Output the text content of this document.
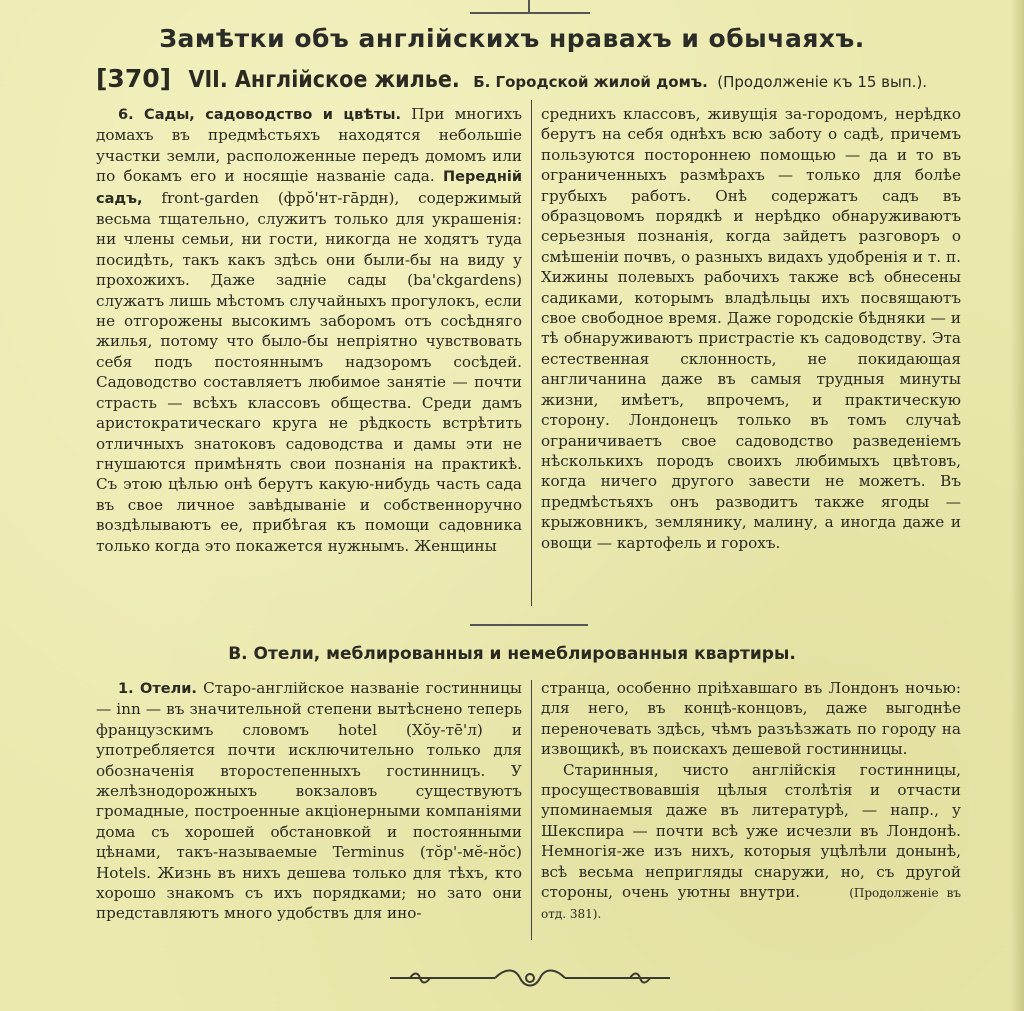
Замѣтки объ англійскихъ нравахъ и обычаяхъ.
[370] VII. Англійское жилье. Б. Городской жилой домъ. (Продолженіе къ 15 вып.).

6. Сады, садоводство и цвѣты. При многихъ домахъ въ предмѣстьяхъ находятся небольшіе участки земли, расположенные передъ домомъ или по бокамъ его и носящіе названіе сада. Передній садъ, front-garden (фрŏ'нт-гāрдн), содержимый весьма тщательно, служитъ только для украшенія: ни члены семьи, ни гости, никогда не ходятъ туда посидѣть, такъ какъ здѣсь они были-бы на виду у прохожихъ. Даже задніе сады (ba'ckgardens) служатъ лишь мѣстомъ случайныхъ прогулокъ, если не отгорожены высокимъ заборомъ отъ сосѣдняго жилья, потому что было-бы непріятно чувствовать себя подъ постояннымъ надзоромъ сосѣдей. Садоводство составляетъ любимое занятіе — почти страсть — всѣхъ классовъ общества. Среди дамъ аристократическаго круга не рѣдкость встрѣтить отличныхъ знатоковъ садоводства и дамы эти не гнушаются примѣнять свои познанія на практикѣ. Съ этою цѣлью онѣ берутъ какую-нибудь часть сада въ свое личное завѣдываніе и собственноручно воздѣлываютъ ее, прибѣгая къ помощи садовника только когда это покажется нужнымъ. Женщины

среднихъ классовъ, живущія за-городомъ, нерѣдко берутъ на себя однѣхъ всю заботу о садѣ, причемъ пользуются постороннею помощью — да и то въ ограниченныхъ размѣрахъ — только для болѣе грубыхъ работъ. Онѣ содержатъ садъ въ образцовомъ порядкѣ и нерѣдко обнаруживаютъ серьезныя познанія, когда зайдетъ разговоръ о смѣшеніи почвъ, о разныхъ видахъ удобренія и т. п. Хижины полевыхъ рабочихъ также всѣ обнесены садиками, которымъ владѣльцы ихъ посвящаютъ свое свободное время. Даже городскіе бѣдняки — и тѣ обнаруживаютъ пристрастіе къ садоводству. Эта естественная склонность, не покидающая англичанина даже въ самыя трудныя минуты жизни, имѣетъ, впрочемъ, и практическую сторону. Лондонецъ только въ томъ случаѣ ограничиваетъ свое садоводство разведеніемъ нѣсколькихъ породъ своихъ любимыхъ цвѣтовъ, когда ничего другого завести не можетъ. Въ предмѣстьяхъ онъ разводитъ также ягоды — крыжовникъ, землянику, малину, а иногда даже и овощи — картофель и горохъ.

В. Отели, меблированныя и немеблированныя квартиры.

1. Отели. Старо-англійское названіе гостинницы — inn — въ значительной степени вытѣснено теперь французскимъ словомъ hotel (Xŏy-тē'л) и употребляется почти исключительно только для обозначенія второстепенныхъ гостинницъ. У желѣзнодорожныхъ вокзаловъ существуютъ громадные, построенные акціонерными компаніями дома съ хорошей обстановкой и постоянными цѣнами, такъ-называемые Terminus (тŏр'-мĕ-нŏс) Hotels. Жизнь въ нихъ дешева только для тѣхъ, кто хорошо знакомъ съ ихъ порядками; но зато они представляютъ много удобствъ для ино-

странца, особенно пріѣхавшаго въ Лондонъ ночью: для него, въ концѣ-концовъ, даже выгоднѣе переночевать здѣсь, чѣмъ разъѣзжать по городу на извощикѣ, въ поискахъ дешевой гостинницы.

Старинныя, чисто англійскія гостинницы, просуществовавшія цѣлыя столѣтія и отчасти упоминаемыя даже въ литературѣ, — напр., у Шекспира — почти всѣ уже исчезли въ Лондонѣ. Немногія-же изъ нихъ, которыя уцѣлѣли донынѣ, всѣ весьма непригляды снаружи, но, съ другой стороны, очень уютны внутри.	(Продолженіе въ отд. 381).
